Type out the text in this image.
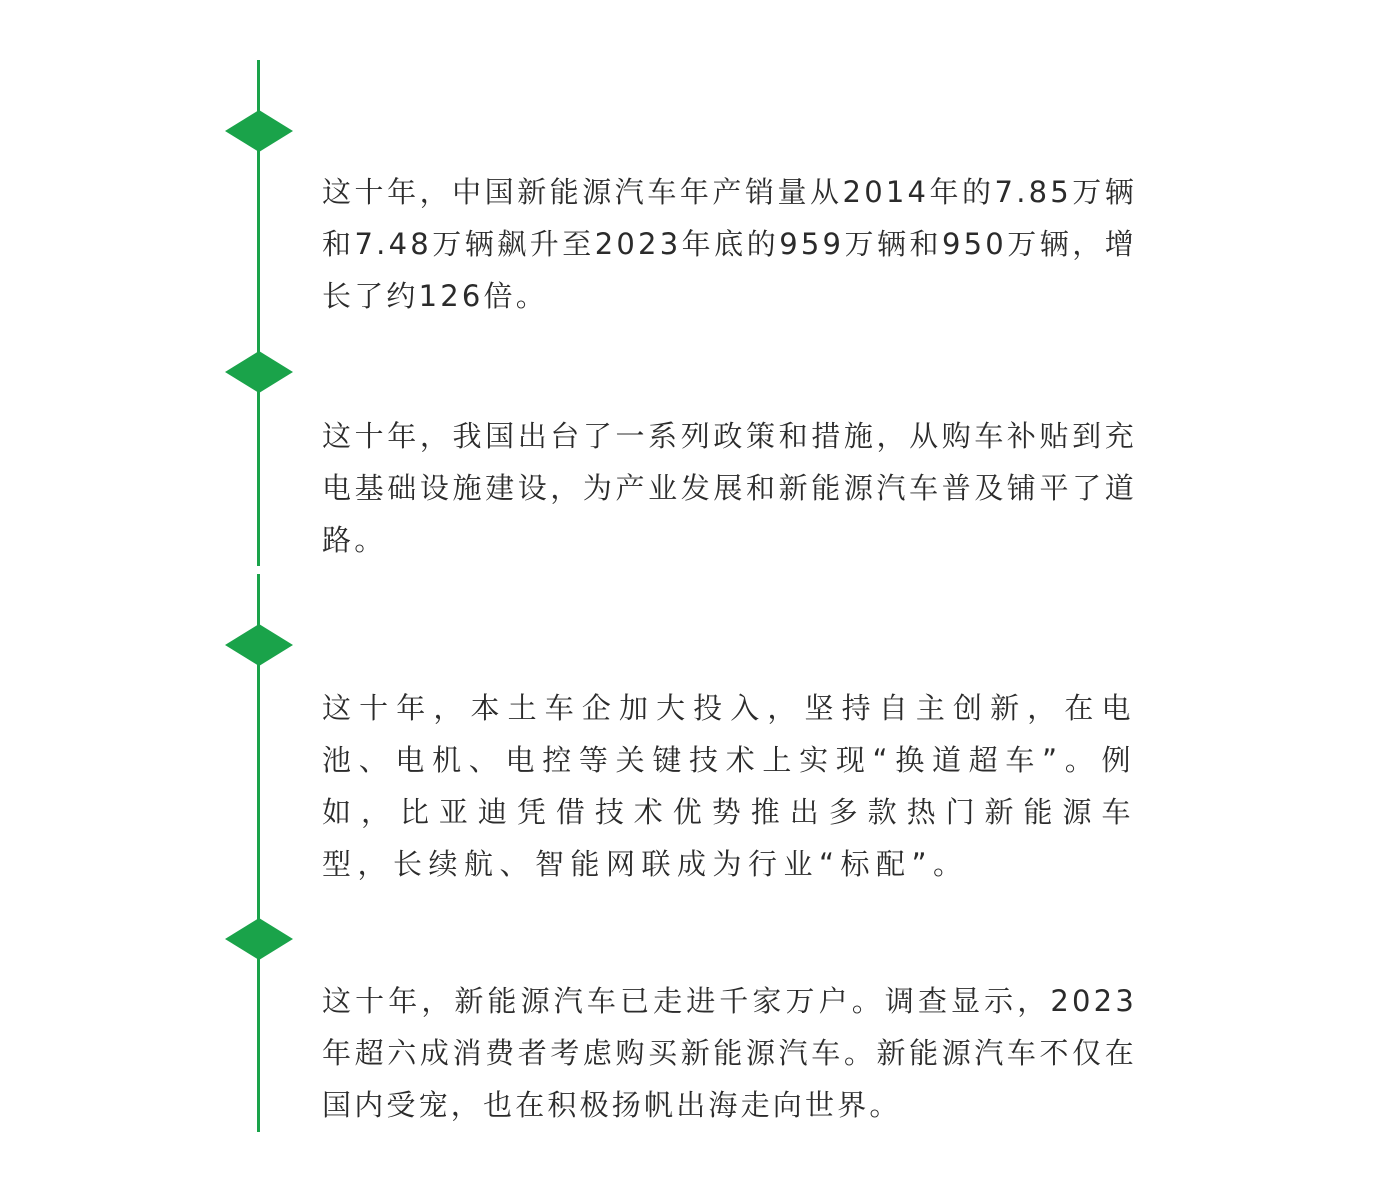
这十年，中国新能源汽车年产销量从2014年的7.85万辆和7.48万辆飙升至2023年底的959万辆和950万辆，增长了约126倍。

这十年，我国出台了一系列政策和措施，从购车补贴到充电基础设施建设，为产业发展和新能源汽车普及铺平了道路。

这十年，本土车企加大投入，坚持自主创新，在电池、电机、电控等关键技术上实现“换道超车”。例如，比亚迪凭借技术优势推出多款热门新能源车型，长续航、智能网联成为行业“标配”。

这十年，新能源汽车已走进千家万户。调查显示，2023年超六成消费者考虑购买新能源汽车。新能源汽车不仅在国内受宠，也在积极扬帆出海走向世界。
